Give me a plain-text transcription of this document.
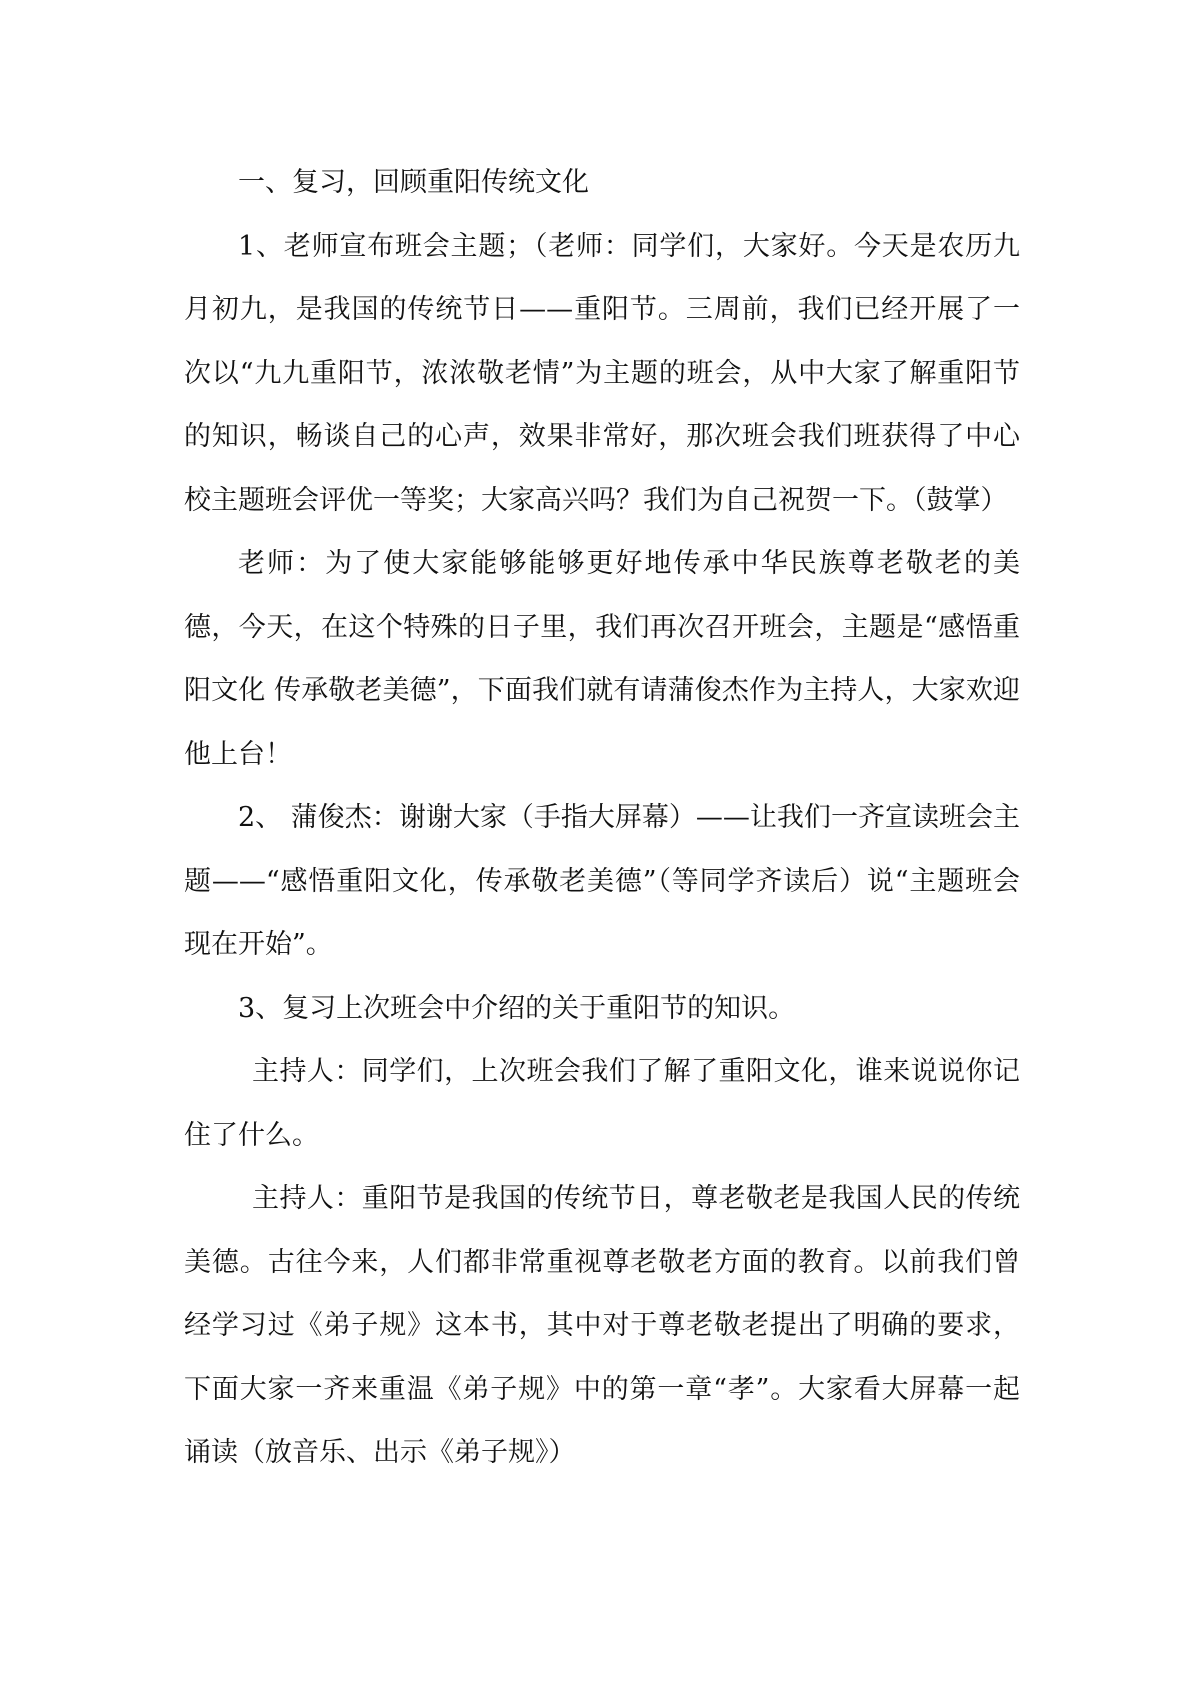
一、复习，回顾重阳传统文化

1、老师宣布班会主题；（老师：同学们，大家好。今天是农历九月初九，是我国的传统节日——重阳节。三周前，我们已经开展了一次以“九九重阳节，浓浓敬老情”为主题的班会，从中大家了解重阳节的知识，畅谈自己的心声，效果非常好，那次班会我们班获得了中心校主题班会评优一等奖；大家高兴吗？我们为自己祝贺一下。（鼓掌）

老师：为了使大家能够能够更好地传承中华民族尊老敬老的美德，今天，在这个特殊的日子里，我们再次召开班会，主题是“感悟重阳文化 传承敬老美德”，下面我们就有请蒲俊杰作为主持人，大家欢迎他上台！

2、 蒲俊杰：谢谢大家（手指大屏幕）——让我们一齐宣读班会主题——“感悟重阳文化，传承敬老美德”（等同学齐读后）说“主题班会现在开始”。

3、复习上次班会中介绍的关于重阳节的知识。

主持人：同学们，上次班会我们了解了重阳文化，谁来说说你记住了什么。

主持人：重阳节是我国的传统节日，尊老敬老是我国人民的传统美德。古往今来，人们都非常重视尊老敬老方面的教育。以前我们曾经学习过《弟子规》这本书，其中对于尊老敬老提出了明确的要求，下面大家一齐来重温《弟子规》中的第一章“孝”。大家看大屏幕一起诵读（放音乐、出示《弟子规》）
